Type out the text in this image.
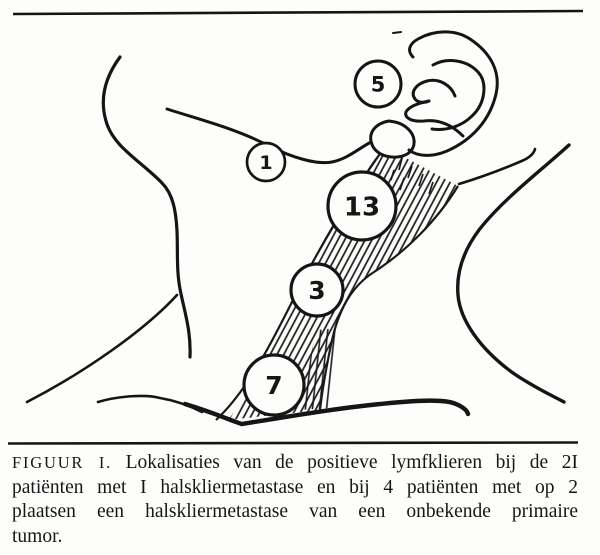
5
1
13
3
7
FIGUUR I. Lokalisaties van de positieve lymfklieren bij de 2I
patiënten met I halskliermetastase en bij 4 patiënten met op 2
plaatsen een halskliermetastase van een onbekende primaire
tumor.
